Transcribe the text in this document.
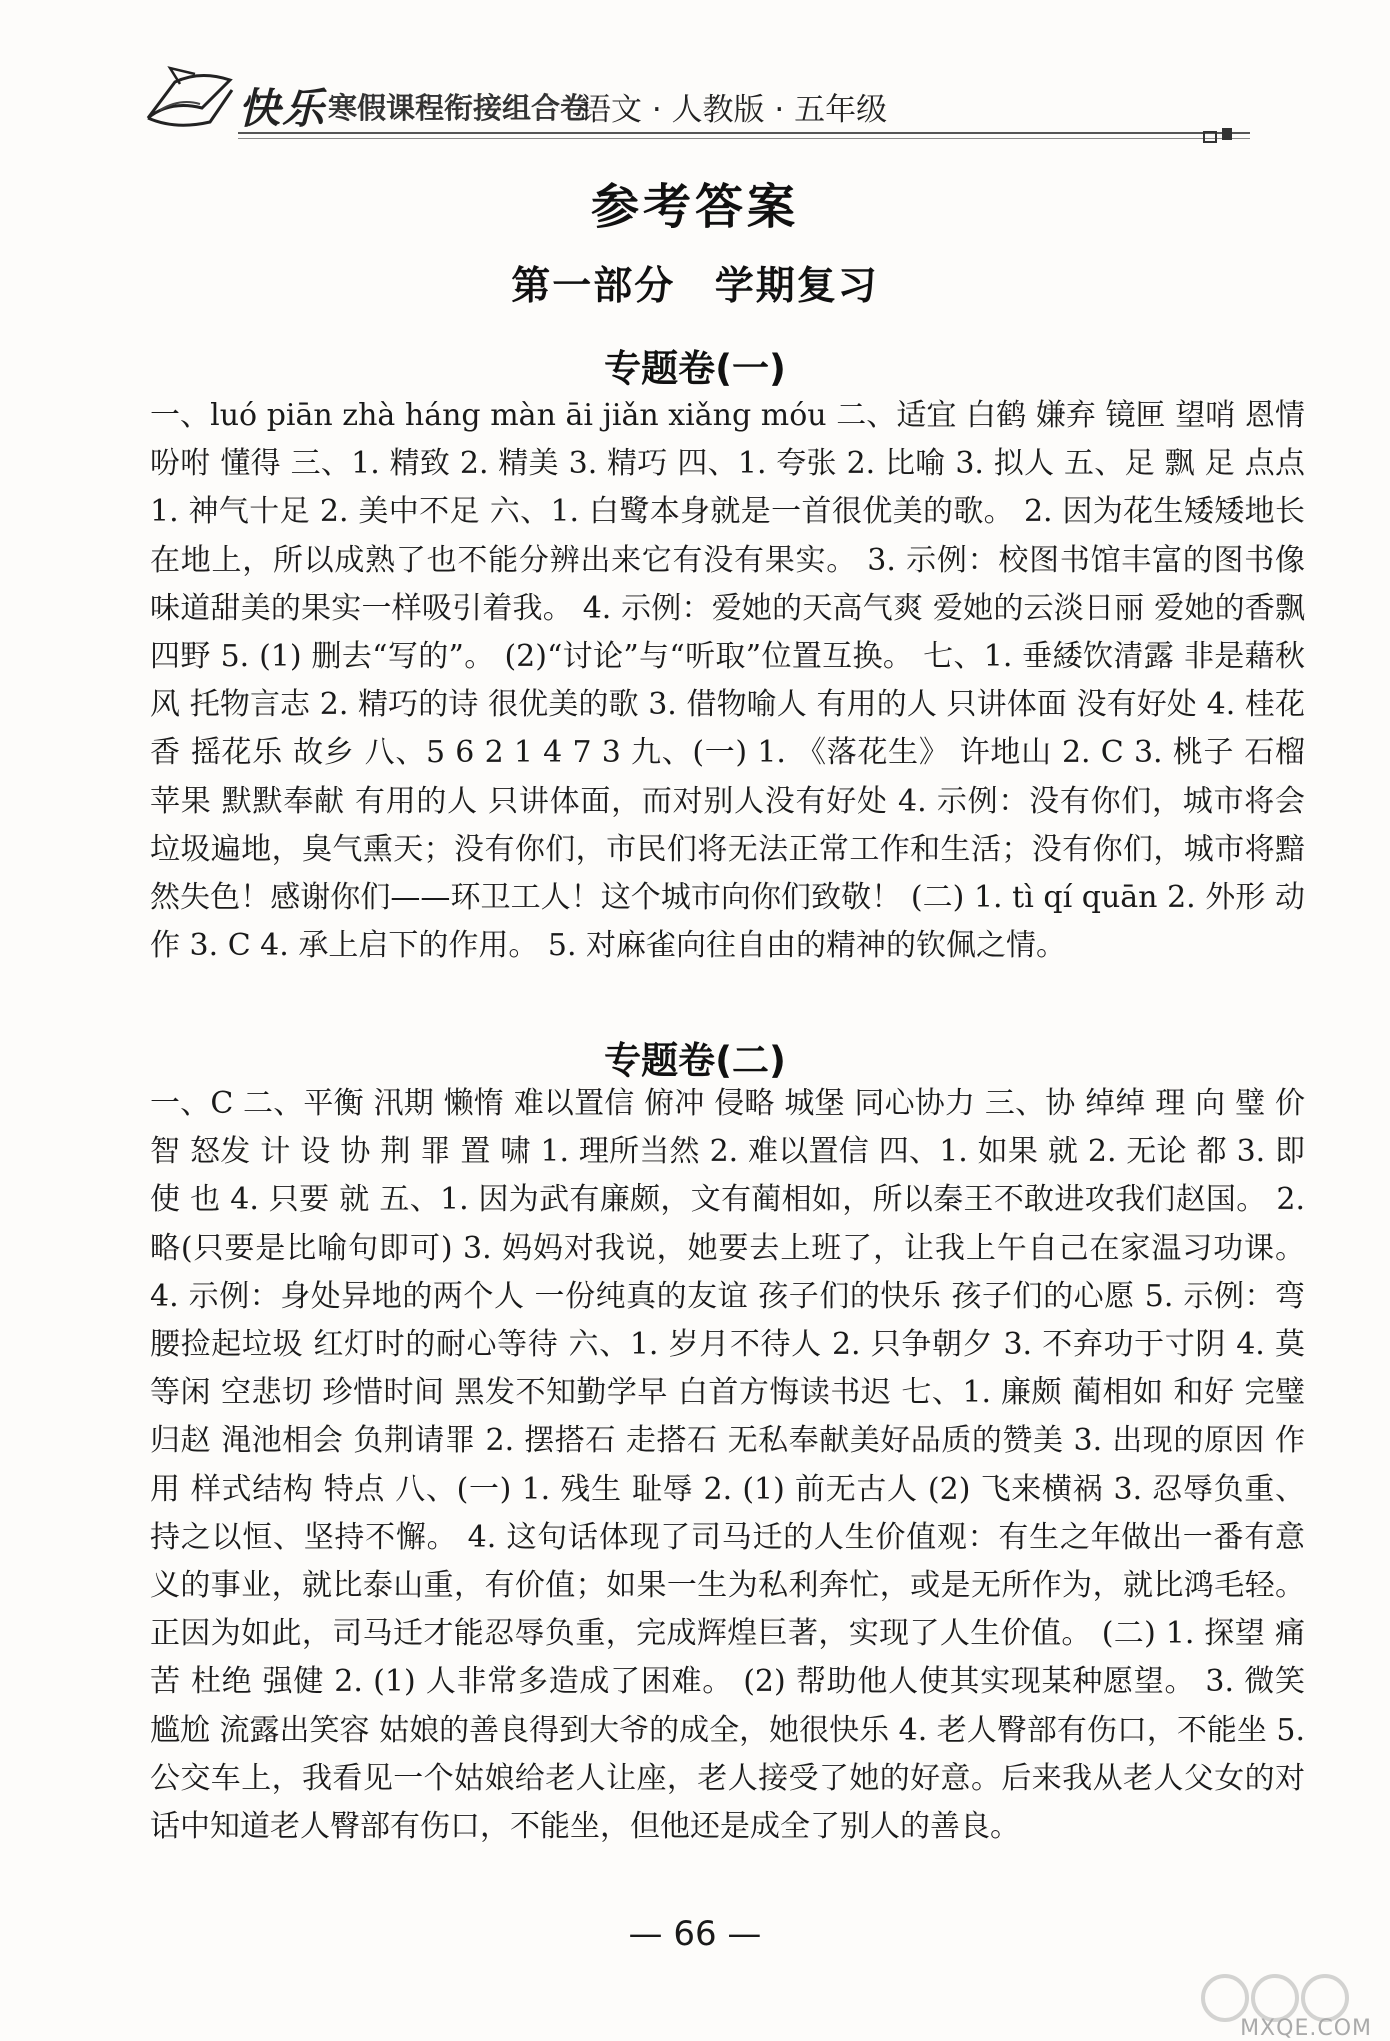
快乐 寒假课程衔接组合卷
语文 · 人教版 · 五年级
参考答案
第一部分 学期复习
专题卷(一)
一、luó piān zhà háng màn āi jiǎn xiǎng móu 二、适宜 白鹤 嫌弃 镜匣 望哨 恩情 吩咐 懂得 三、1. 精致 2. 精美 3. 精巧 四、1. 夸张 2. 比喻 3. 拟人 五、足 飘 足 点点 1. 神气十足 2. 美中不足 六、1. 白鹭本身就是一首很优美的歌。 2. 因为花生矮矮地长在地上，所以成熟了也不能分辨出来它有没有果实。 3. 示例：校图书馆丰富的图书像味道甜美的果实一样吸引着我。 4. 示例：爱她的天高气爽 爱她的云淡日丽 爱她的香飘四野 5. (1) 删去“写的”。 (2)“讨论”与“听取”位置互换。 七、1. 垂緌饮清露 非是藉秋风 托物言志 2. 精巧的诗 很优美的歌 3. 借物喻人 有用的人 只讲体面 没有好处 4. 桂花香 摇花乐 故乡 八、5 6 2 1 4 7 3 九、(一) 1. 《落花生》 许地山 2. C 3. 桃子 石榴 苹果 默默奉献 有用的人 只讲体面，而对别人没有好处 4. 示例：没有你们，城市将会垃圾遍地，臭气熏天；没有你们，市民们将无法正常工作和生活；没有你们，城市将黯然失色！感谢你们——环卫工人！这个城市向你们致敬！ (二) 1. tì qí quān 2. 外形 动作 3. C 4. 承上启下的作用。 5. 对麻雀向往自由的精神的钦佩之情。
专题卷(二)
一、C 二、平衡 汛期 懒惰 难以置信 俯冲 侵略 城堡 同心协力 三、协 绰绰 理 向 璧 价 智 怒发 计 设 协 荆 罪 置 啸 1. 理所当然 2. 难以置信 四、1. 如果 就 2. 无论 都 3. 即使 也 4. 只要 就 五、1. 因为武有廉颇，文有蔺相如，所以秦王不敢进攻我们赵国。 2. 略(只要是比喻句即可) 3. 妈妈对我说，她要去上班了，让我上午自己在家温习功课。 4. 示例：身处异地的两个人 一份纯真的友谊 孩子们的快乐 孩子们的心愿 5. 示例：弯腰捡起垃圾 红灯时的耐心等待 六、1. 岁月不待人 2. 只争朝夕 3. 不弃功于寸阴 4. 莫等闲 空悲切 珍惜时间 黑发不知勤学早 白首方悔读书迟 七、1. 廉颇 蔺相如 和好 完璧归赵 渑池相会 负荆请罪 2. 摆搭石 走搭石 无私奉献美好品质的赞美 3. 出现的原因 作用 样式结构 特点 八、(一) 1. 残生 耻辱 2. (1) 前无古人 (2) 飞来横祸 3. 忍辱负重、持之以恒、坚持不懈。 4. 这句话体现了司马迁的人生价值观：有生之年做出一番有意义的事业，就比泰山重，有价值；如果一生为私利奔忙，或是无所作为，就比鸿毛轻。正因为如此，司马迁才能忍辱负重，完成辉煌巨著，实现了人生价值。 (二) 1. 探望 痛苦 杜绝 强健 2. (1) 人非常多造成了困难。 (2) 帮助他人使其实现某种愿望。 3. 微笑 尴尬 流露出笑容 姑娘的善良得到大爷的成全，她很快乐 4. 老人臀部有伤口，不能坐 5. 公交车上，我看见一个姑娘给老人让座，老人接受了她的好意。后来我从老人父女的对话中知道老人臀部有伤口，不能坐，但他还是成全了别人的善良。
— 66 —
MXQE.COM
